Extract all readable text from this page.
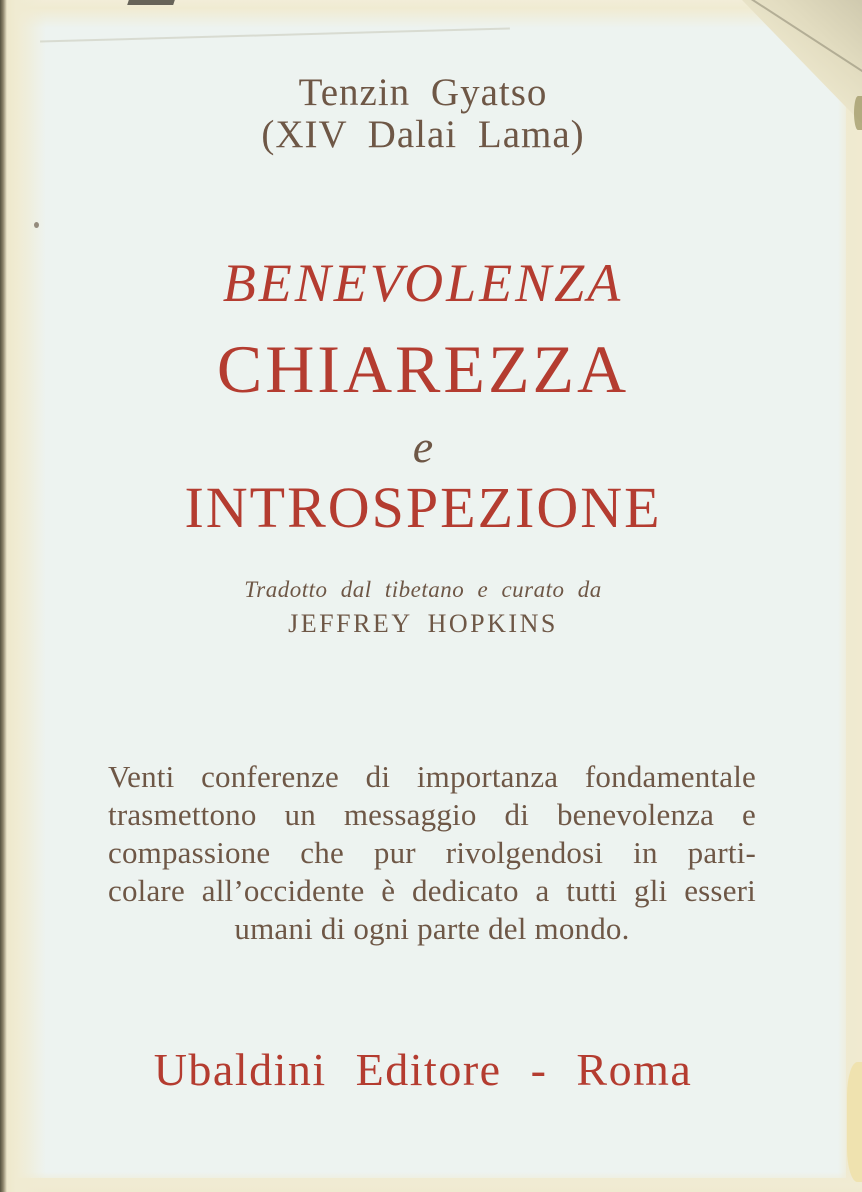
Tenzin Gyatso
(XIV Dalai Lama)
BENEVOLENZA
CHIAREZZA
e
INTROSPEZIONE
Tradotto dal tibetano e curato da
JEFFREY HOPKINS
Venti conferenze di importanza fondamentale
trasmettono un messaggio di benevolenza e
compassione che pur rivolgendosi in parti-
colare all’occidente è dedicato a tutti gli esseri
umani di ogni parte del mondo.
Ubaldini Editore - Roma
